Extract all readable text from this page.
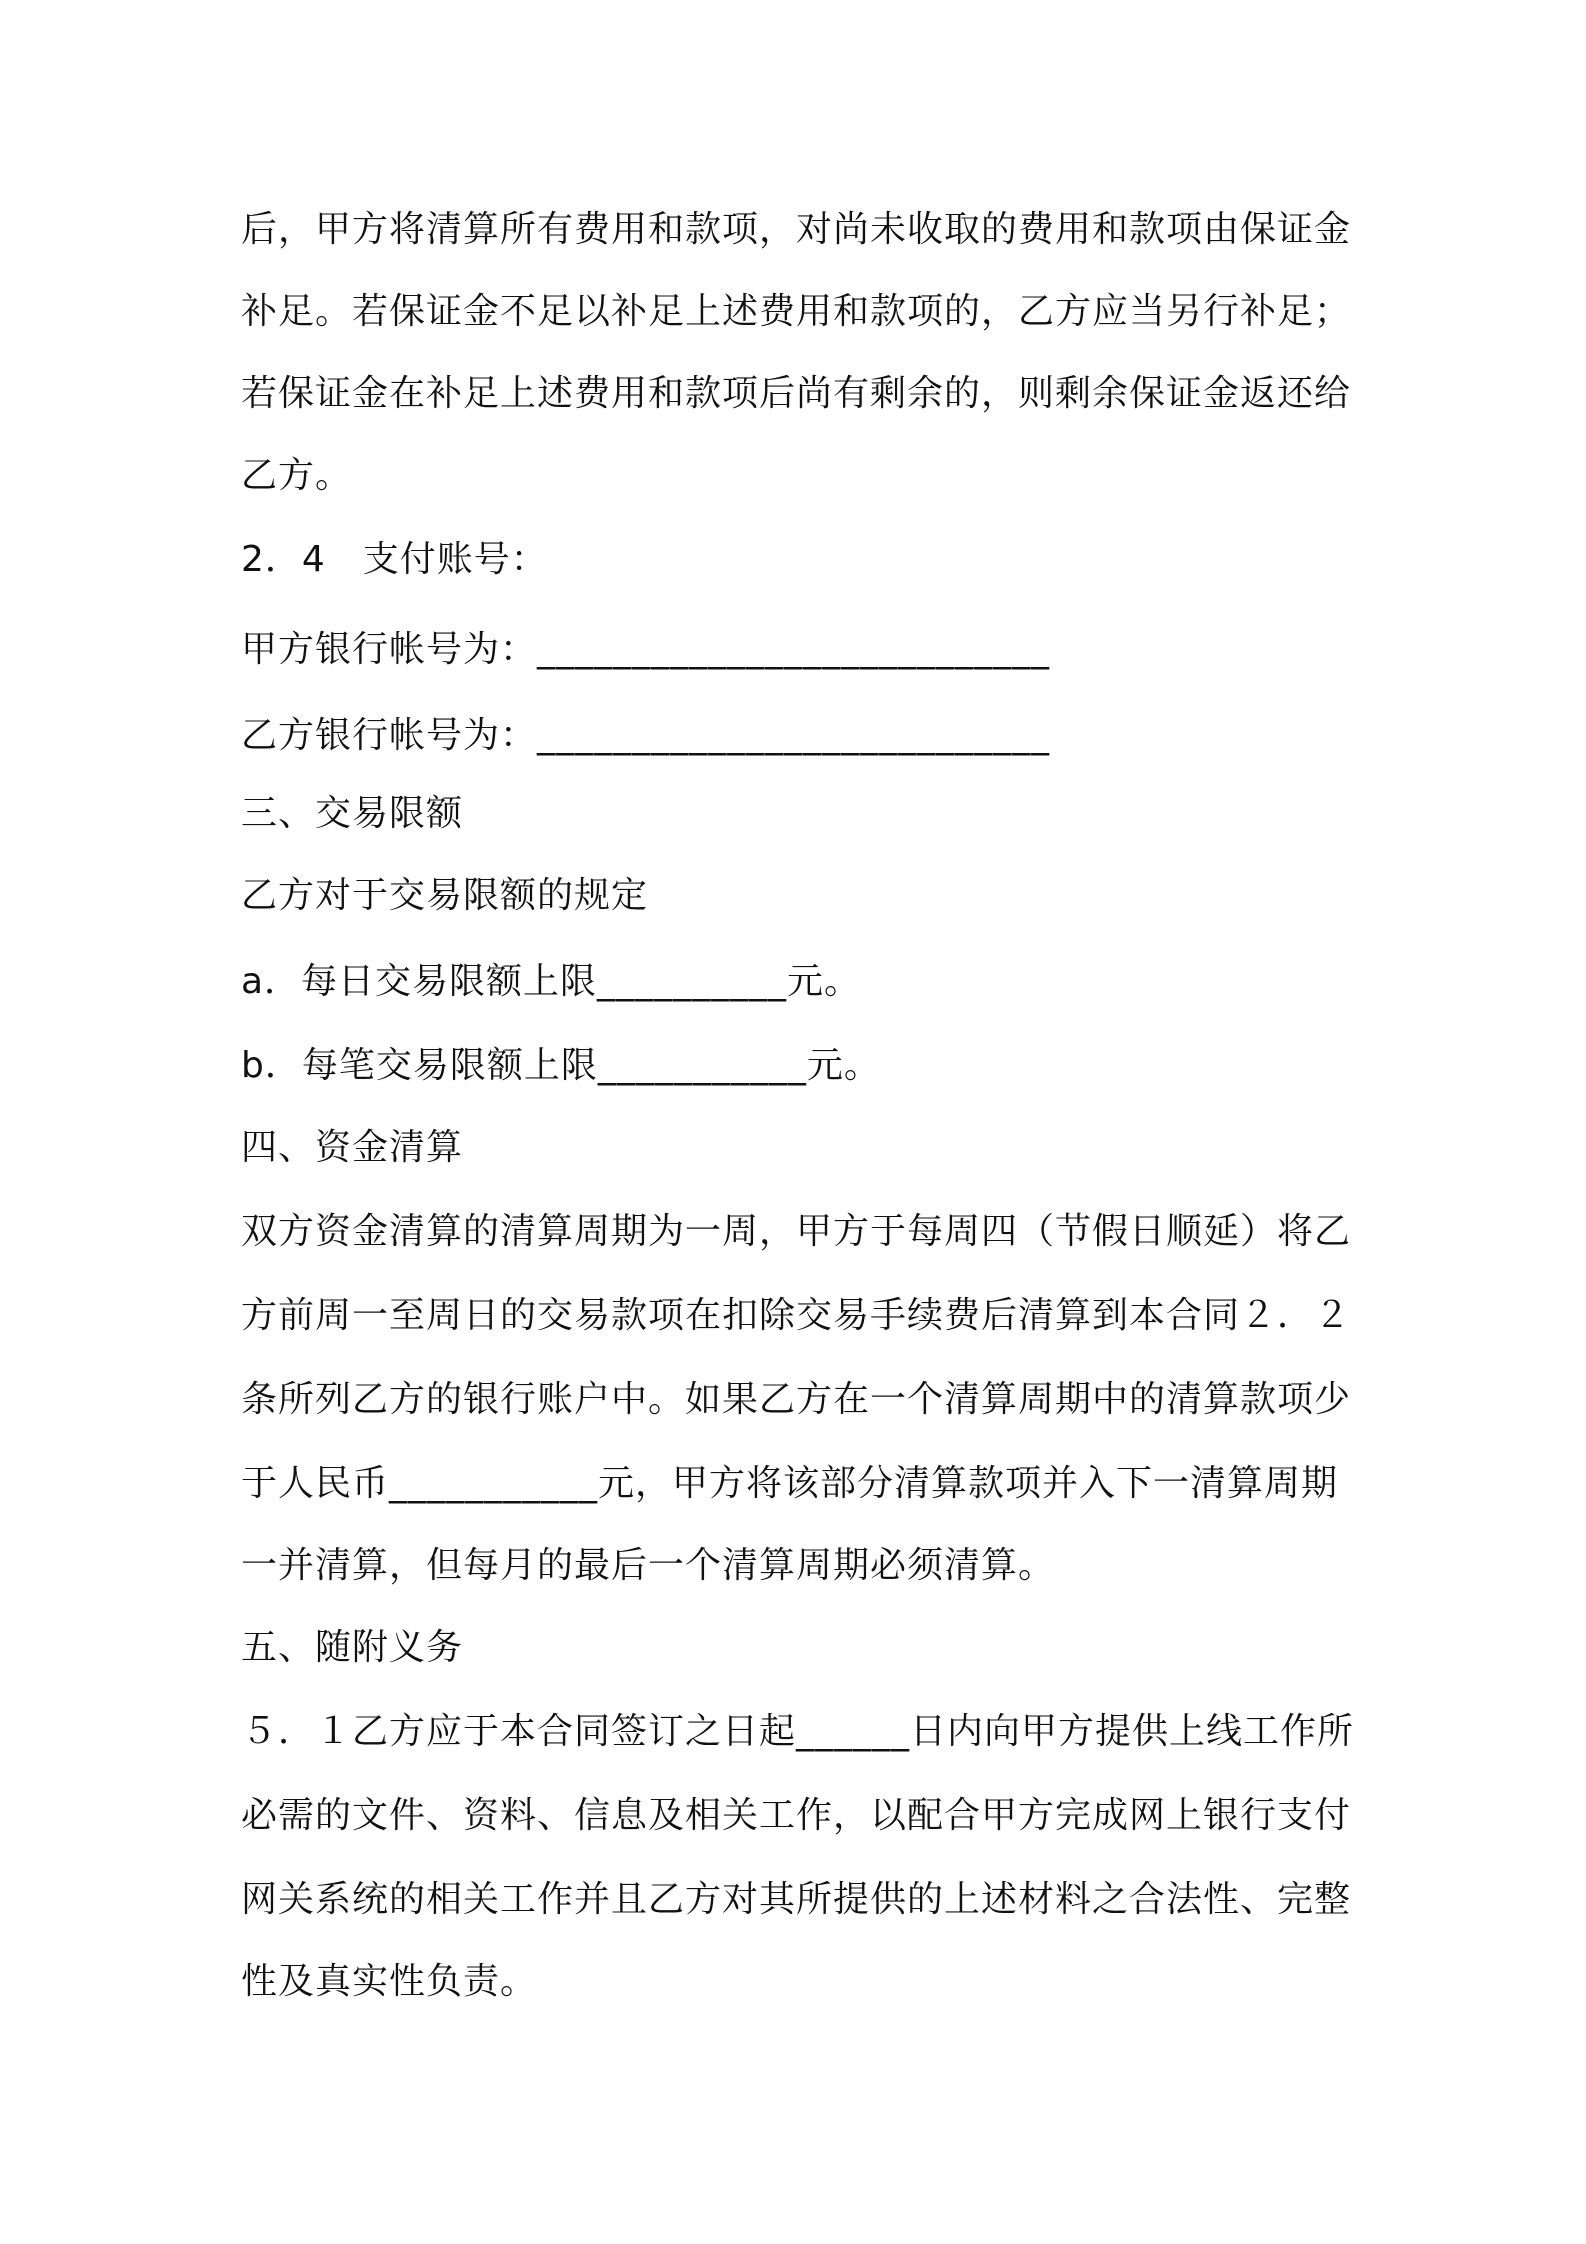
后，甲方将清算所有费用和款项，对尚未收取的费用和款项由保证金
补足。若保证金不足以补足上述费用和款项的，乙方应当另行补足；
若保证金在补足上述费用和款项后尚有剩余的，则剩余保证金返还给
乙方。
2．4　支付账号：
甲方银行帐号为：___________________________
乙方银行帐号为：___________________________
三、交易限额
乙方对于交易限额的规定
a．每日交易限额上限__________元。
b．每笔交易限额上限___________元。
四、资金清算
双方资金清算的清算周期为一周，甲方于每周四（节假日顺延）将乙
方前周一至周日的交易款项在扣除交易手续费后清算到本合同２．２
条所列乙方的银行账户中。如果乙方在一个清算周期中的清算款项少
于人民币___________元，甲方将该部分清算款项并入下一清算周期
一并清算，但每月的最后一个清算周期必须清算。
五、随附义务
５．１乙方应于本合同签订之日起______日内向甲方提供上线工作所
必需的文件、资料、信息及相关工作，以配合甲方完成网上银行支付
网关系统的相关工作并且乙方对其所提供的上述材料之合法性、完整
性及真实性负责。
